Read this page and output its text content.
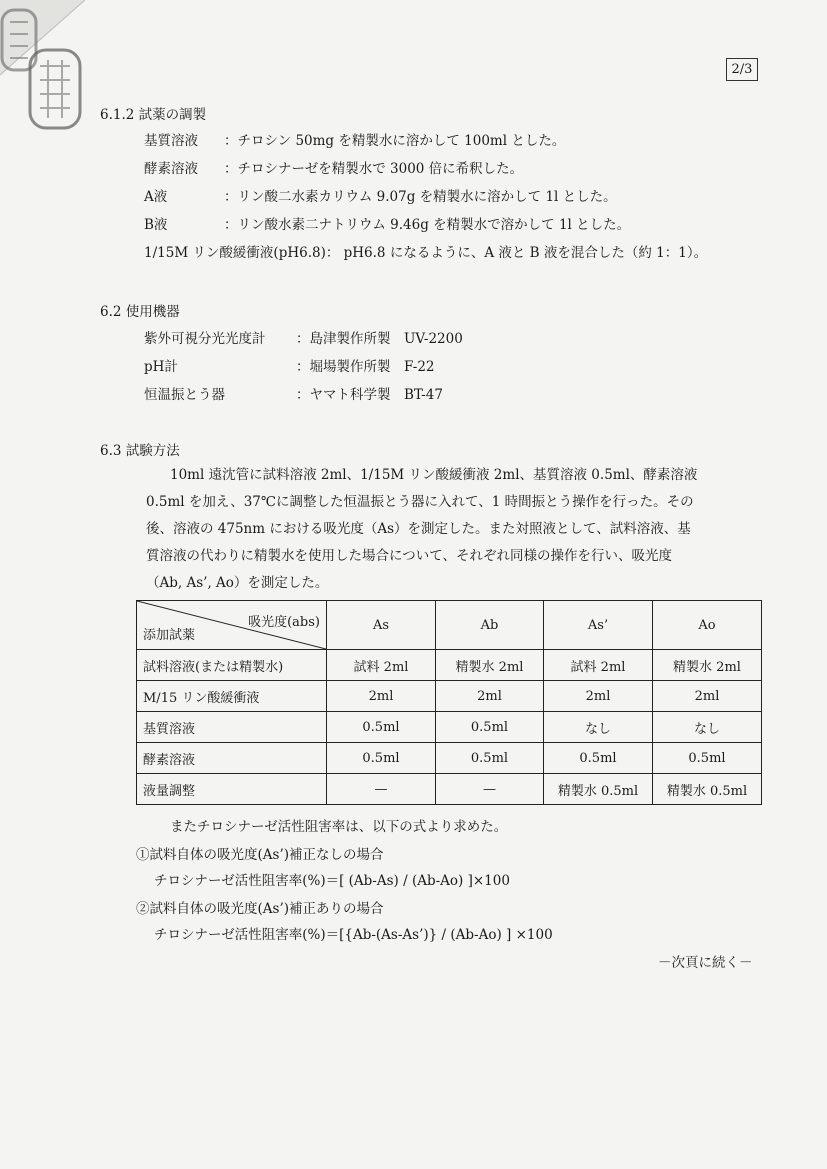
2/3
6.1.2 試薬の調製
基質溶液 ：チロシン 50mg を精製水に溶かして 100ml とした。
酵素溶液 ：チロシナーゼを精製水で 3000 倍に希釈した。
A液	：リン酸二水素カリウム 9.07g を精製水に溶かして 1l とした。
B液	：リン酸水素二ナトリウム 9.46g を精製水で溶かして 1l とした。
1/15M リン酸緩衝液(pH6.8)： pH6.8 になるように、A 液と B 液を混合した（約 1：1）。
6.2 使用機器
紫外可視分光光度計 ：島津製作所製　UV-2200
pH計	：堀場製作所製　F-22
恒温振とう器	：ヤマト科学製　BT-47
6.3 試験方法
10ml 遠沈管に試料溶液 2ml、1/15M リン酸緩衝液 2ml、基質溶液 0.5ml、酵素溶液
0.5ml を加え、37℃に調整した恒温振とう器に入れて、1 時間振とう操作を行った。その
後、溶液の 475nm における吸光度（As）を測定した。また対照液として、試料溶液、基
質溶液の代わりに精製水を使用した場合について、それぞれ同様の操作を行い、吸光度
（Ab, As’, Ao）を測定した。
吸光度(abs)
添加試薬	As	Ab	As’	Ao
試料溶液(または精製水)	試料 2ml	精製水 2ml	試料 2ml	精製水 2ml
M/15 リン酸緩衝液	2ml	2ml	2ml	2ml
基質溶液	0.5ml	0.5ml	なし	なし
酵素溶液	0.5ml	0.5ml	0.5ml	0.5ml
液量調整	—	—	精製水 0.5ml	精製水 0.5ml
またチロシナーゼ活性阻害率は、以下の式より求めた。
①試料自体の吸光度(As’)補正なしの場合
チロシナーゼ活性阻害率(%)＝[ (Ab-As) / (Ab-Ao) ]×100
②試料自体の吸光度(As’)補正ありの場合
チロシナーゼ活性阻害率(%)＝[{Ab-(As-As’)} / (Ab-Ao) ] ×100
－次頁に続く－
